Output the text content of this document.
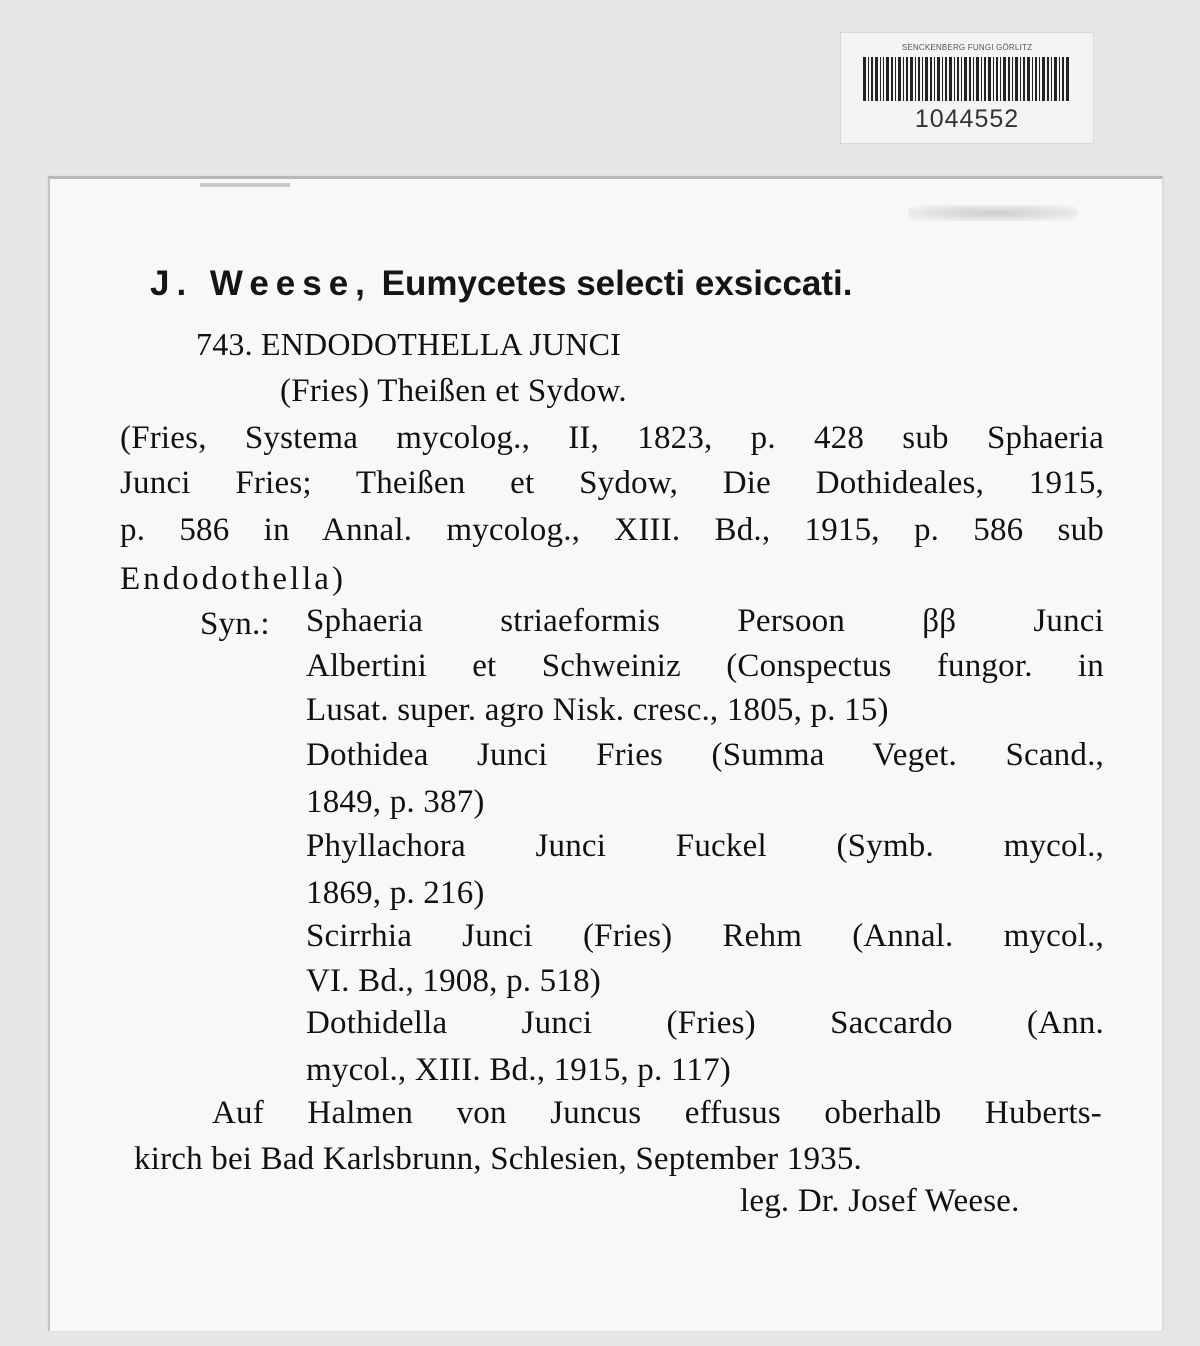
SENCKENBERG FUNGI GÖRLITZ
1044552
J. Weese, Eumycetes selecti exsiccati.
743. ENDODOTHELLA JUNCI
(Fries) Theißen et Sydow.
(Fries, Systema mycolog., II, 1823, p. 428 sub Sphaeria
Junci Fries; Theißen et Sydow, Die Dothideales, 1915,
p. 586 in Annal. mycolog., XIII. Bd., 1915, p. 586 sub
Endodothella)
Syn.: Sphaeria striaeformis Persoon ββ Junci
Albertini et Schweiniz (Conspectus fungor. in
Lusat. super. agro Nisk. cresc., 1805, p. 15)
Dothidea Junci Fries (Summa Veget. Scand.,
1849, p. 387)
Phyllachora Junci Fuckel (Symb. mycol.,
1869, p. 216)
Scirrhia Junci (Fries) Rehm (Annal. mycol.,
VI. Bd., 1908, p. 518)
Dothidella Junci (Fries) Saccardo (Ann.
mycol., XIII. Bd., 1915, p. 117)
Auf Halmen von Juncus effusus oberhalb Huberts-
kirch bei Bad Karlsbrunn, Schlesien, September 1935.
leg. Dr. Josef Weese.
